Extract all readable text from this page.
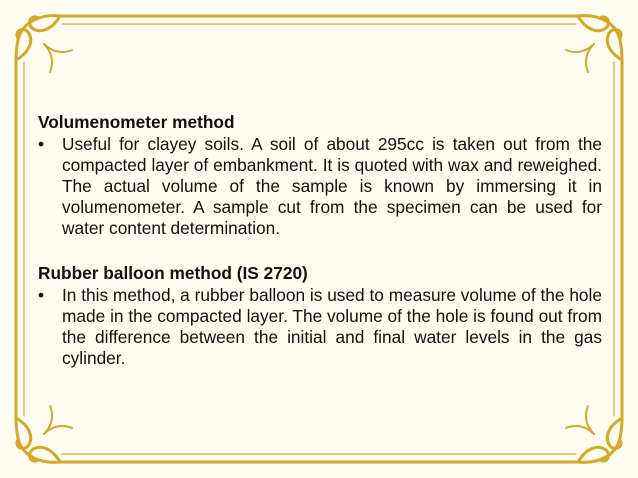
Volumenometer method
•	Useful for clayey soils. A soil of about 295cc is taken out from the compacted layer of embankment. It is quoted with wax and reweighed. The actual volume of the sample is known by immersing it in volumenometer. A sample cut from the specimen can be used for water content determination.
Rubber balloon method (IS 2720)
•	In this method, a rubber balloon is used to measure volume of the hole made in the compacted layer. The volume of the hole is found out from the difference between the initial and final water levels in the gas cylinder.
